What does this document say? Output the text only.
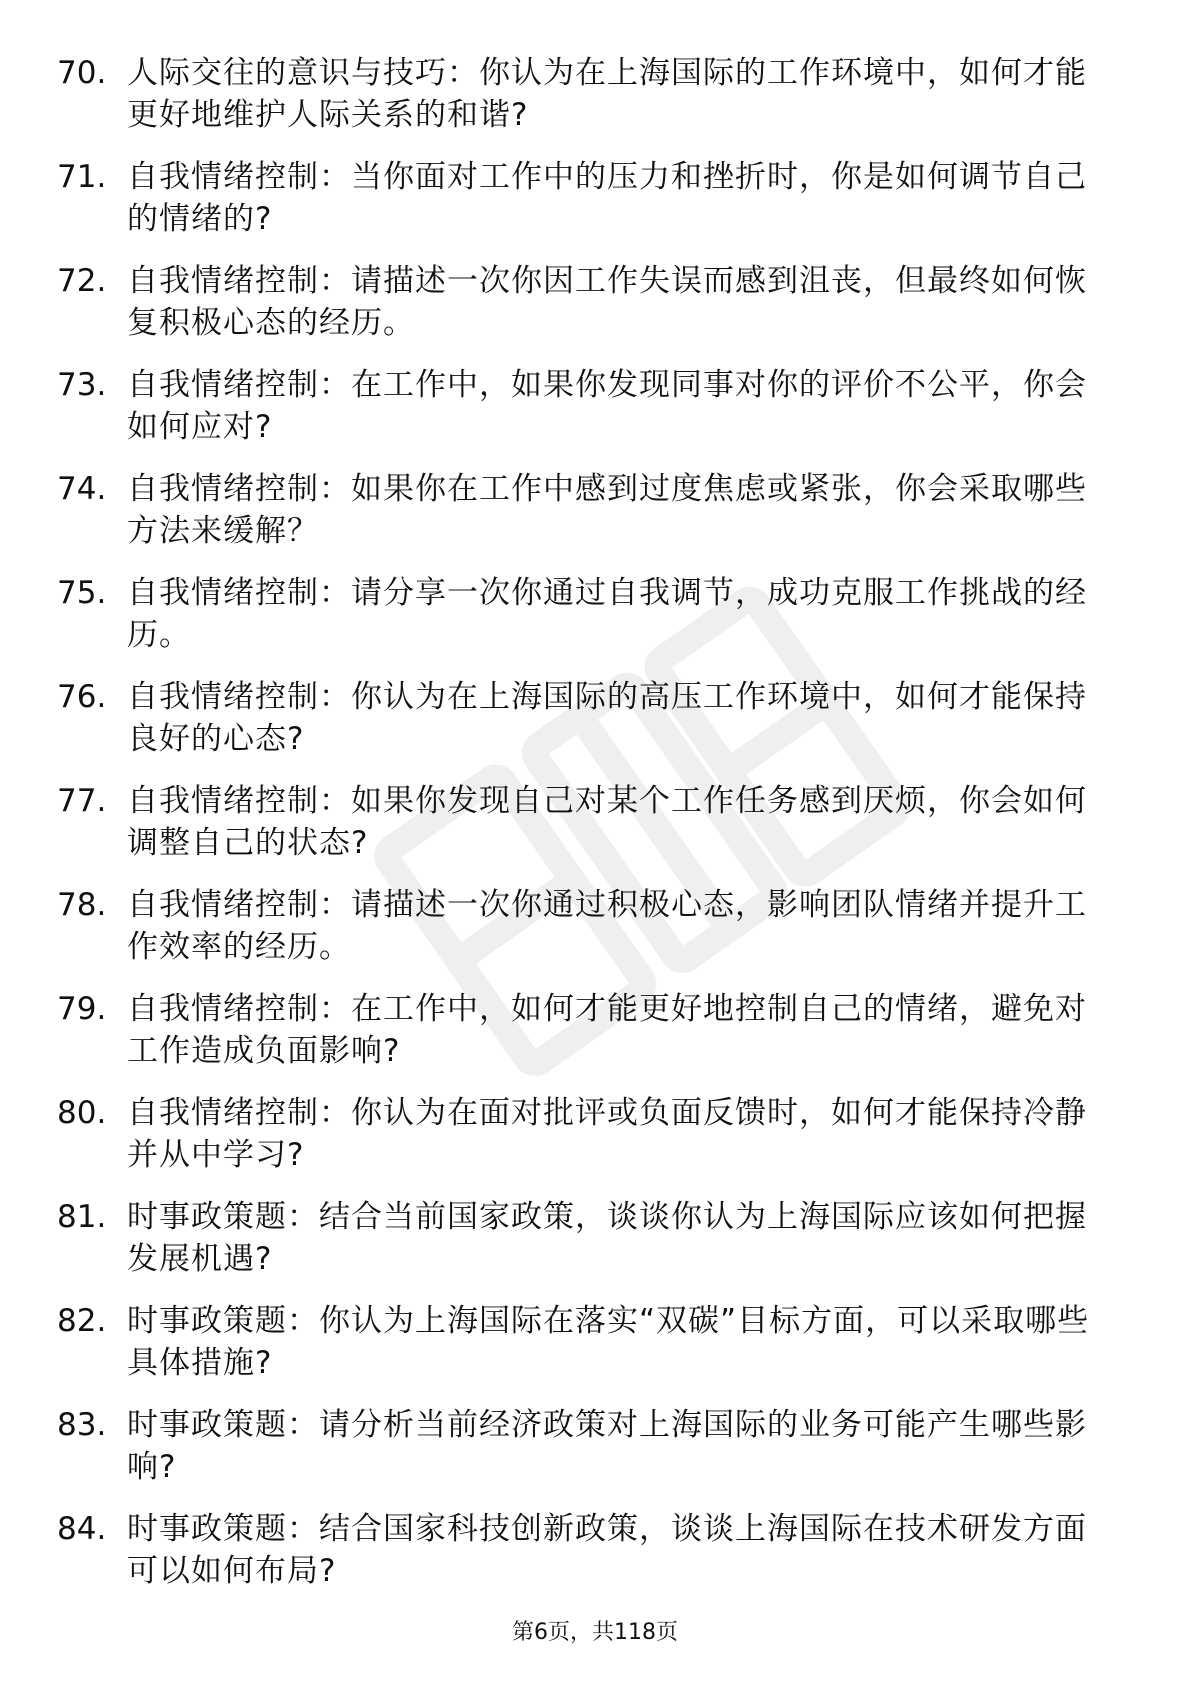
70. 人际交往的意识与技巧：你认为在上海国际的工作环境中，如何才能更好地维护人际关系的和谐?
71. 自我情绪控制：当你面对工作中的压力和挫折时，你是如何调节自己的情绪的?
72. 自我情绪控制：请描述一次你因工作失误而感到沮丧，但最终如何恢复积极心态的经历。
73. 自我情绪控制：在工作中，如果你发现同事对你的评价不公平，你会如何应对?
74. 自我情绪控制：如果你在工作中感到过度焦虑或紧张，你会采取哪些方法来缓解？
75. 自我情绪控制：请分享一次你通过自我调节，成功克服工作挑战的经历。
76. 自我情绪控制：你认为在上海国际的高压工作环境中，如何才能保持良好的心态?
77. 自我情绪控制：如果你发现自己对某个工作任务感到厌烦，你会如何调整自己的状态?
78. 自我情绪控制：请描述一次你通过积极心态，影响团队情绪并提升工作效率的经历。
79. 自我情绪控制：在工作中，如何才能更好地控制自己的情绪，避免对工作造成负面影响?
80. 自我情绪控制：你认为在面对批评或负面反馈时，如何才能保持冷静并从中学习?
81. 时事政策题：结合当前国家政策，谈谈你认为上海国际应该如何把握发展机遇?
82. 时事政策题：你认为上海国际在落实“双碳”目标方面，可以采取哪些具体措施?
83. 时事政策题：请分析当前经济政策对上海国际的业务可能产生哪些影响?
84. 时事政策题：结合国家科技创新政策，谈谈上海国际在技术研发方面可以如何布局?
第6页，共118页
